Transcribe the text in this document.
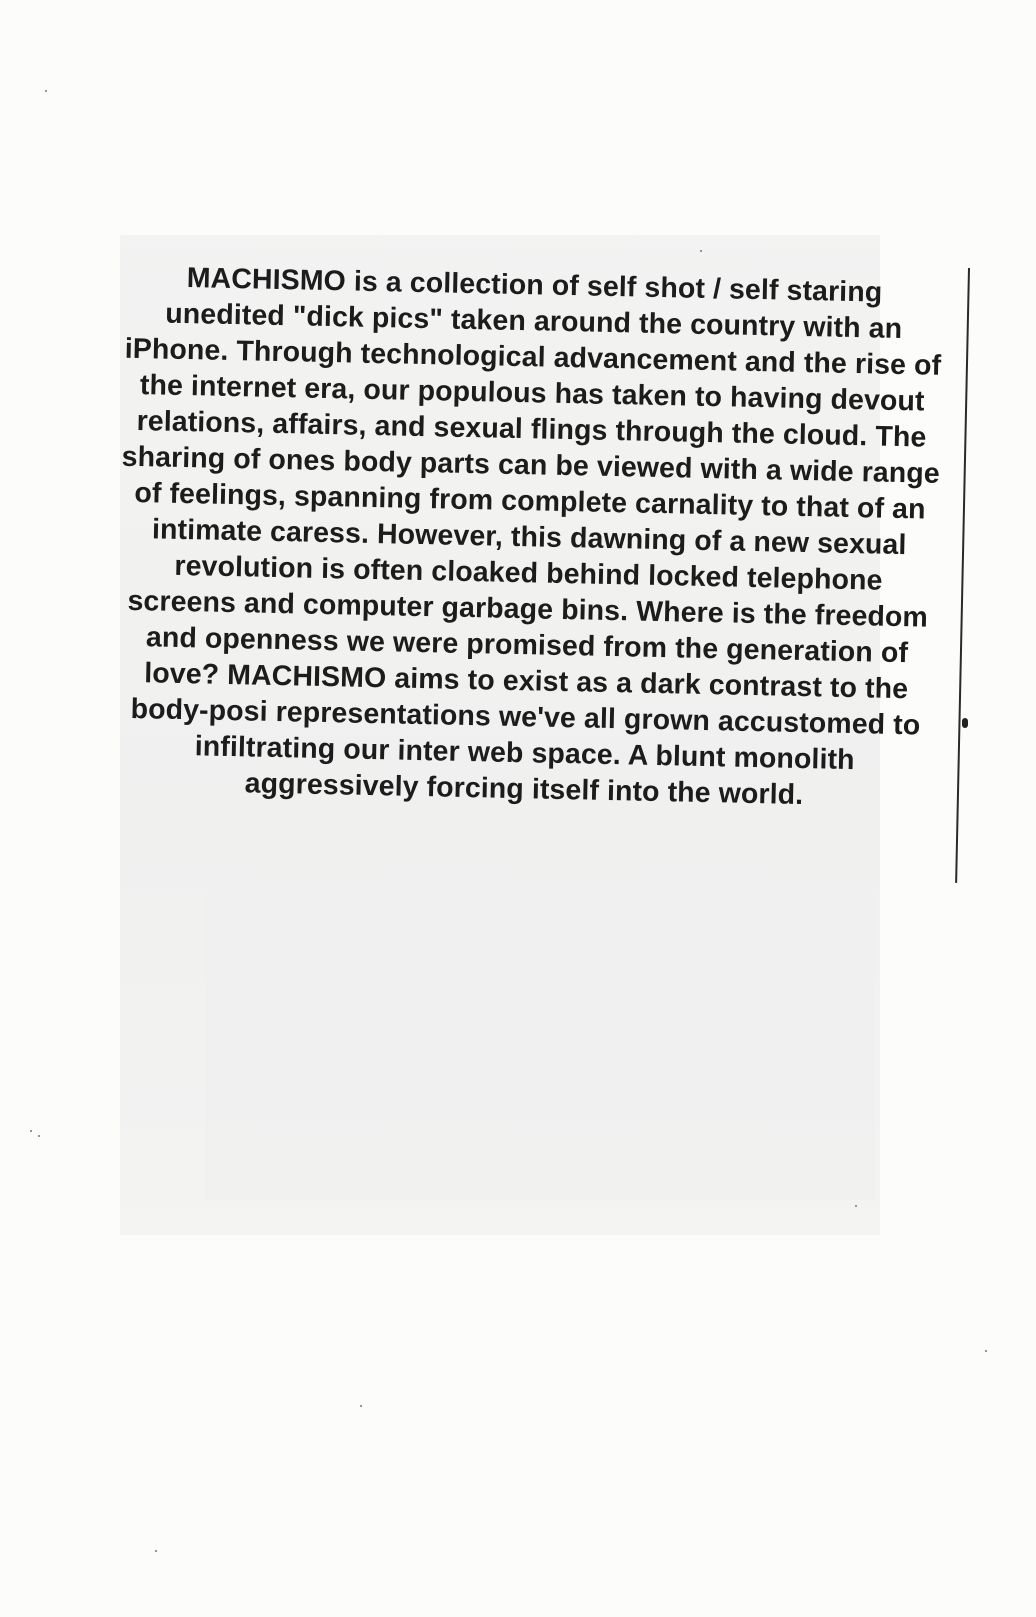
MACHISMO is a collection of self shot / self staring
unedited "dick pics" taken around the country with an
iPhone. Through technological advancement and the rise of
the internet era, our populous has taken to having devout
relations, affairs, and sexual flings through the cloud. The
sharing of ones body parts can be viewed with a wide range
of feelings, spanning from complete carnality to that of an
intimate caress. However, this dawning of a new sexual
revolution is often cloaked behind locked telephone
screens and computer garbage bins. Where is the freedom
and openness we were promised from the generation of
love? MACHISMO aims to exist as a dark contrast to the
body-posi representations we've all grown accustomed to
infiltrating our inter web space. A blunt monolith
aggressively forcing itself into the world.
